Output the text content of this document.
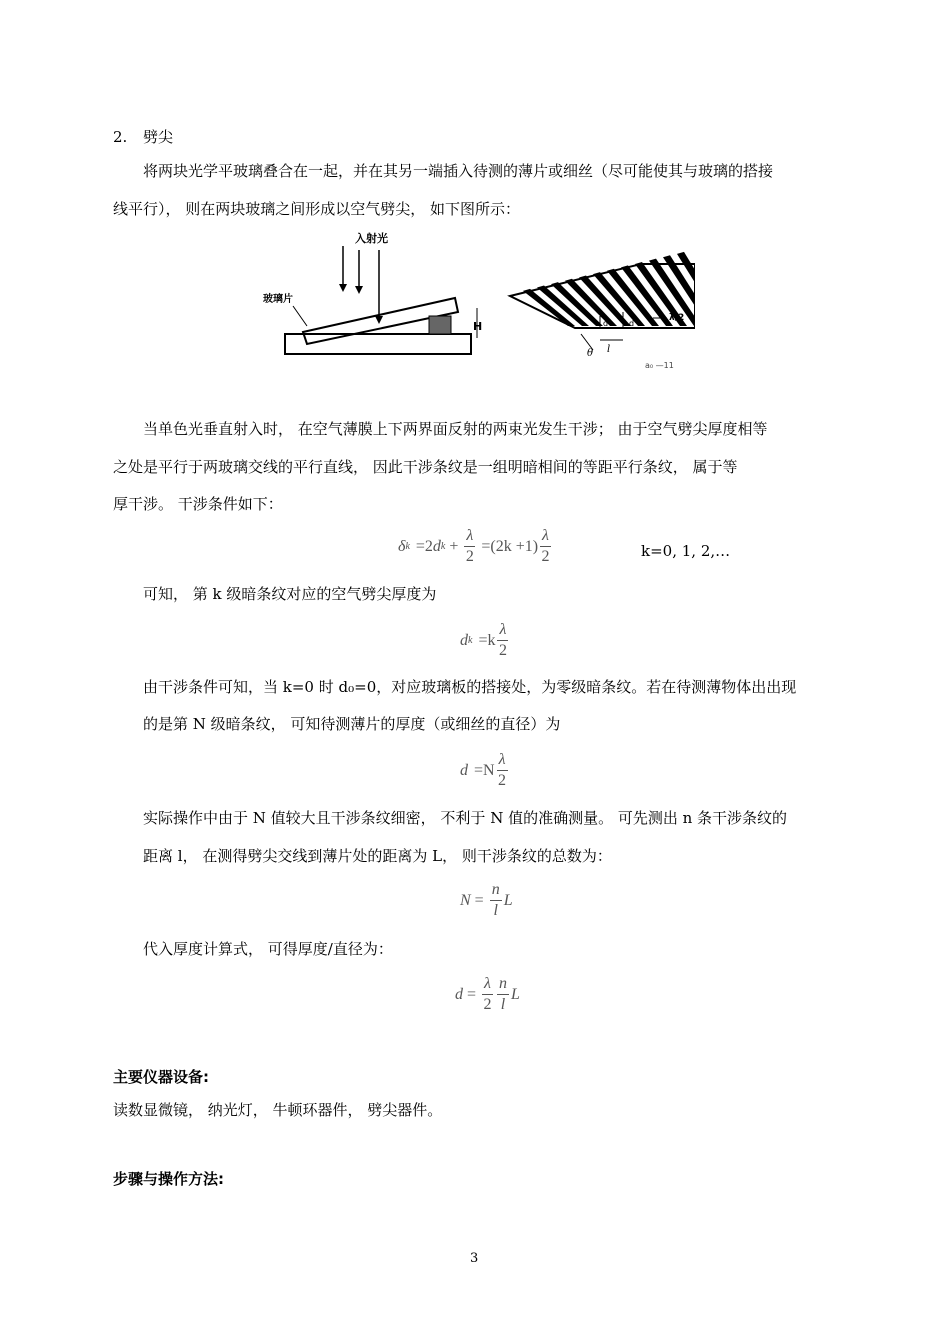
2. 劈尖
将两块光学平玻璃叠合在一起，并在其另一端插入待测的薄片或细丝（尽可能使其与玻璃的搭接
线平行）， 则在两块玻璃之间形成以空气劈尖， 如下图所示：
入射光
玻璃片
H	d	d
λ/2
θ l
a₀ —11
当单色光垂直射入时， 在空气薄膜上下两界面反射的两束光发生干涉； 由于空气劈尖厚度相等
之处是平行于两玻璃交线的平行直线， 因此干涉条纹是一组明暗相间的等距平行条纹， 属于等
厚干涉。 干涉条件如下：
δ k =2 d $k + \frac{\lambda}{2} =(2k +1) \frac{\lambda}{2}$	k=0, 1, 2,…
可知， 第 k 级暗条纹对应的空气劈尖厚度为
d $k =k \frac{\lambda}{2}$
由干涉条件可知，当 k=0 时 d₀=0，对应玻璃板的搭接处，为零级暗条纹。若在待测薄物体出出现
的是第 N 级暗条纹， 可知待测薄片的厚度（或细丝的直径）为
$d =N \frac{\lambda}{2}$
实际操作中由于 N 值较大且干涉条纹细密， 不利于 N 值的准确测量。 可先测出 n 条干涉条纹的
距离 l， 在测得劈尖交线到薄片处的距离为 L， 则干涉条纹的总数为：
$N = \frac{n}{l}$ L
代入厚度计算式， 可得厚度/直径为：
$d = \frac{\lambda}{2} \frac{n}{l}$ L
主要仪器设备:
读数显微镜， 纳光灯， 牛顿环器件， 劈尖器件。
步骤与操作方法:
3
